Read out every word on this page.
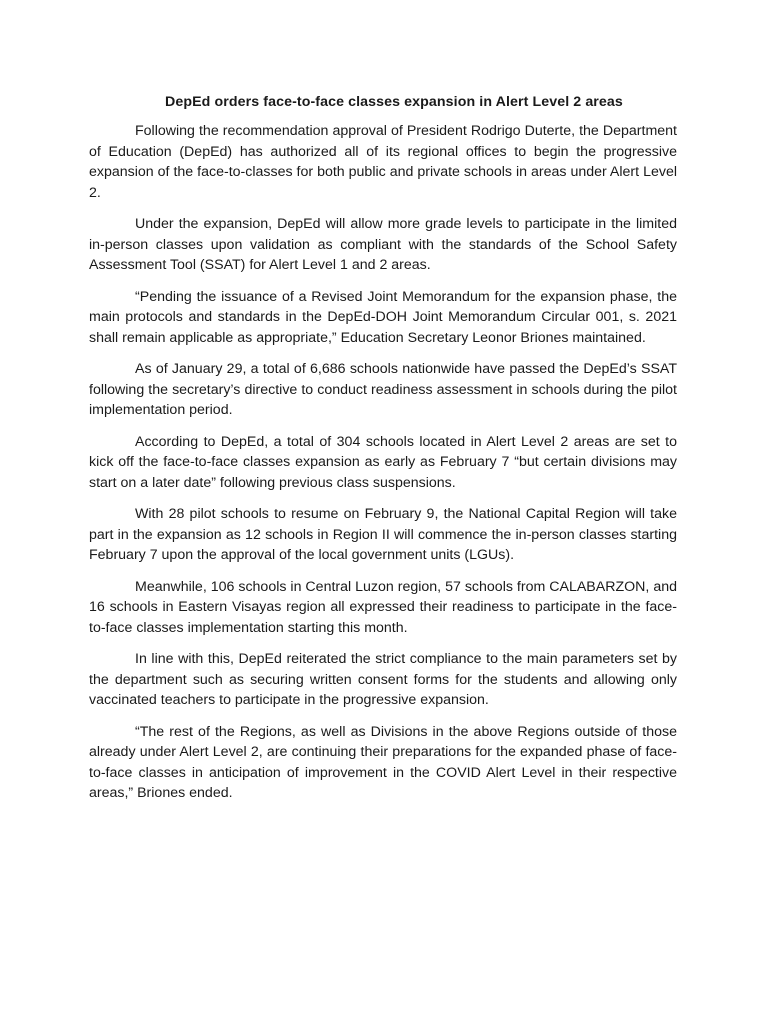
DepEd orders face-to-face classes expansion in Alert Level 2 areas

Following the recommendation approval of President Rodrigo Duterte, the Department of Education (DepEd) has authorized all of its regional offices to begin the progressive expansion of the face-to-classes for both public and private schools in areas under Alert Level 2.

Under the expansion, DepEd will allow more grade levels to participate in the limited in-person classes upon validation as compliant with the standards of the School Safety Assessment Tool (SSAT) for Alert Level 1 and 2 areas.

“Pending the issuance of a Revised Joint Memorandum for the expansion phase, the main protocols and standards in the DepEd-DOH Joint Memorandum Circular 001, s. 2021 shall remain applicable as appropriate,” Education Secretary Leonor Briones maintained.

As of January 29, a total of 6,686 schools nationwide have passed the DepEd’s SSAT following the secretary’s directive to conduct readiness assessment in schools during the pilot implementation period.

According to DepEd, a total of 304 schools located in Alert Level 2 areas are set to kick off the face-to-face classes expansion as early as February 7 “but certain divisions may start on a later date” following previous class suspensions.

With 28 pilot schools to resume on February 9, the National Capital Region will take part in the expansion as 12 schools in Region II will commence the in-person classes starting February 7 upon the approval of the local government units (LGUs).

Meanwhile, 106 schools in Central Luzon region, 57 schools from CALABARZON, and 16 schools in Eastern Visayas region all expressed their readiness to participate in the face-to-face classes implementation starting this month.

In line with this, DepEd reiterated the strict compliance to the main parameters set by the department such as securing written consent forms for the students and allowing only vaccinated teachers to participate in the progressive expansion.

“The rest of the Regions, as well as Divisions in the above Regions outside of those already under Alert Level 2, are continuing their preparations for the expanded phase of face-to-face classes in anticipation of improvement in the COVID Alert Level in their respective areas,” Briones ended.
